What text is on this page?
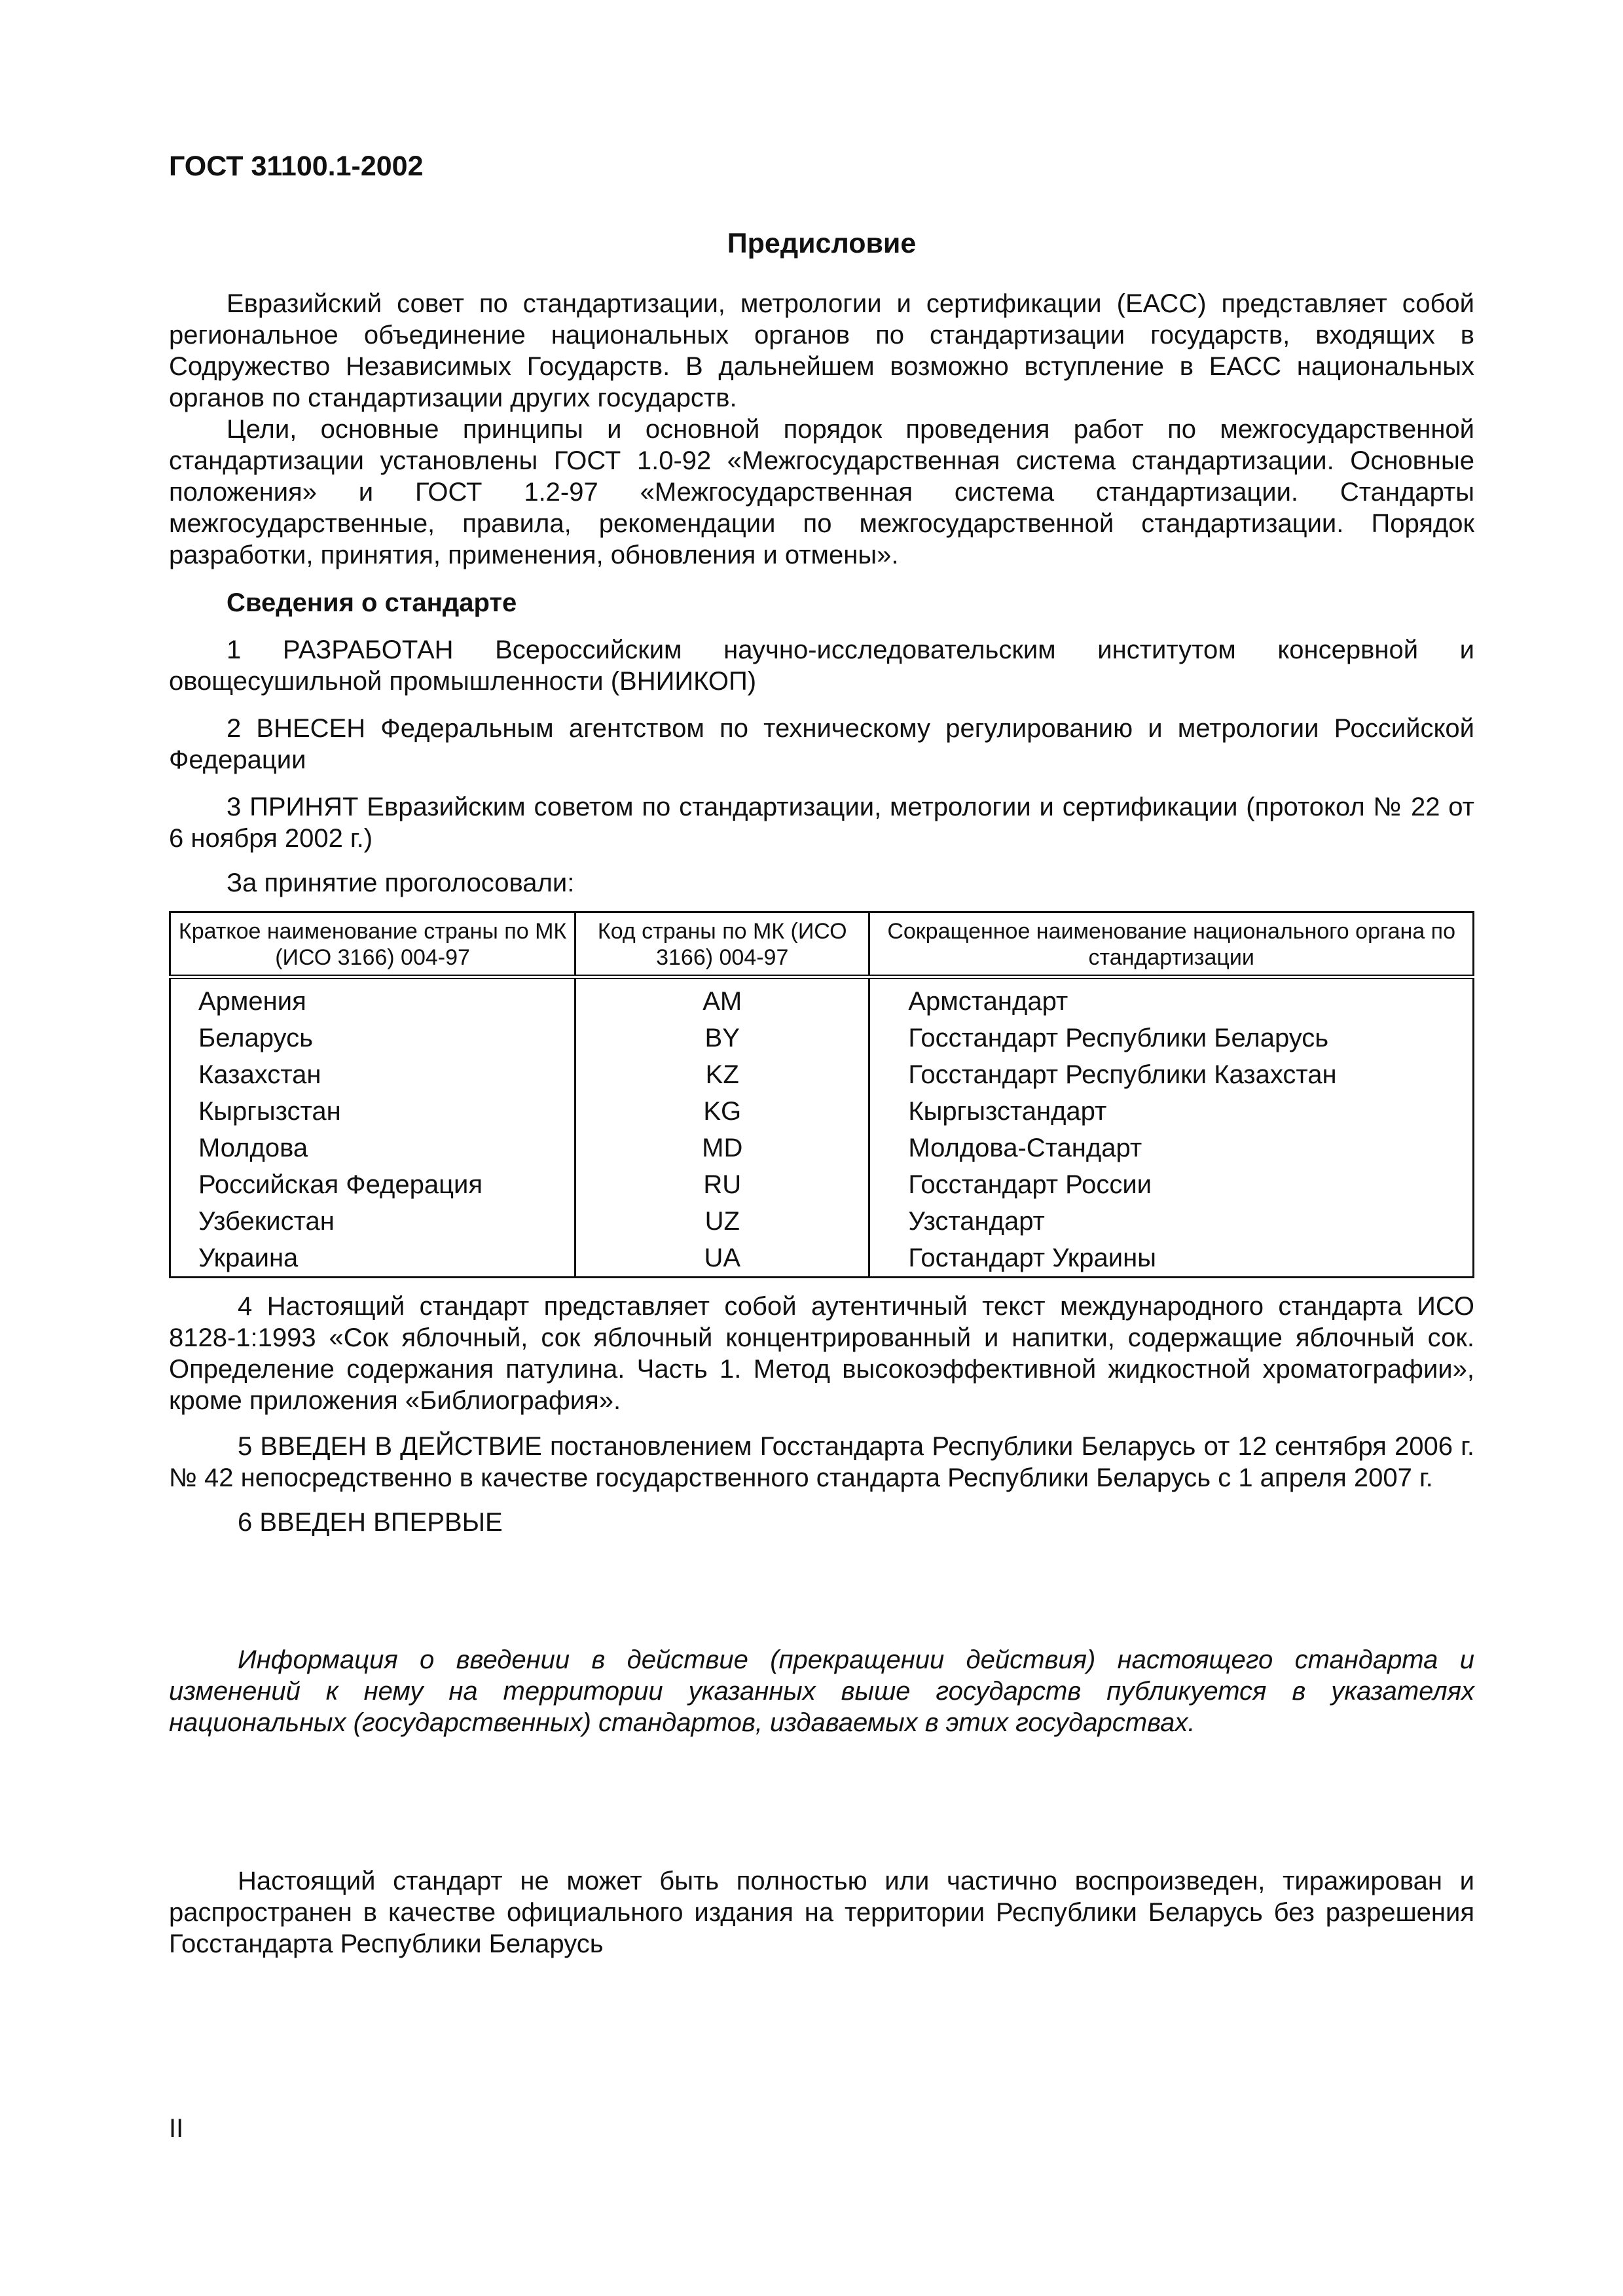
ГОСТ 31100.1-2002
Предисловие

Евразийский совет по стандартизации, метрологии и сертификации (ЕАСС) представляет собой региональное объединение национальных органов по стандартизации государств, входящих в Содружество Независимых Государств. В дальнейшем возможно вступление в ЕАСС национальных органов по стандартизации других государств.

Цели, основные принципы и основной порядок проведения работ по межгосударственной стандартизации установлены ГОСТ 1.0-92 «Межгосударственная система стандартизации. Основные положения» и ГОСТ 1.2-97 «Межгосударственная система стандартизации. Стандарты межгосударственные, правила, рекомендации по межгосударственной стандартизации. Порядок разработки, принятия, применения, обновления и отмены».

Сведения о стандарте

1 РАЗРАБОТАН Всероссийским научно-исследовательским институтом консервной и овощесушильной промышленности (ВНИИКОП)

2 ВНЕСЕН Федеральным агентством по техническому регулированию и метрологии Российской Федерации

3 ПРИНЯТ Евразийским советом по стандартизации, метрологии и сертификации (протокол № 22 от 6 ноября 2002 г.)

За принятие проголосовали:
Краткое наименование страны по МК (ИСО 3166) 004-97	Код страны по МК (ИСО 3166) 004-97	Сокращенное наименование национального органа по стандартизации
Армения	AM	Армстандарт
Беларусь	BY	Госстандарт Республики Беларусь
Казахстан	KZ	Госстандарт Республики Казахстан
Кыргызстан	KG	Кыргызстандарт
Молдова	MD	Молдова-Стандарт
Российская Федерация	RU	Госстандарт России
Узбекистан	UZ	Узстандарт
Украина	UA	Гостандарт Украины

4 Настоящий стандарт представляет собой аутентичный текст международного стандарта ИСО 8128-1:1993 «Сок яблочный, сок яблочный концентрированный и напитки, содержащие яблочный сок. Определение содержания патулина. Часть 1. Метод высокоэффективной жидкостной хроматографии», кроме приложения «Библиография».

5 ВВЕДЕН В ДЕЙСТВИЕ постановлением Госстандарта Республики Беларусь от 12 сентября 2006 г. № 42 непосредственно в качестве государственного стандарта Республики Беларусь с 1 апреля 2007 г.

6 ВВЕДЕН ВПЕРВЫЕ

Информация о введении в действие (прекращении действия) настоящего стандарта и изменений к нему на территории указанных выше государств публикуется в указателях национальных (государственных) стандартов, издаваемых в этих государствах.

Настоящий стандарт не может быть полностью или частично воспроизведен, тиражирован и распространен в качестве официального издания на территории Республики Беларусь без разрешения Госстандарта Республики Беларусь

II
